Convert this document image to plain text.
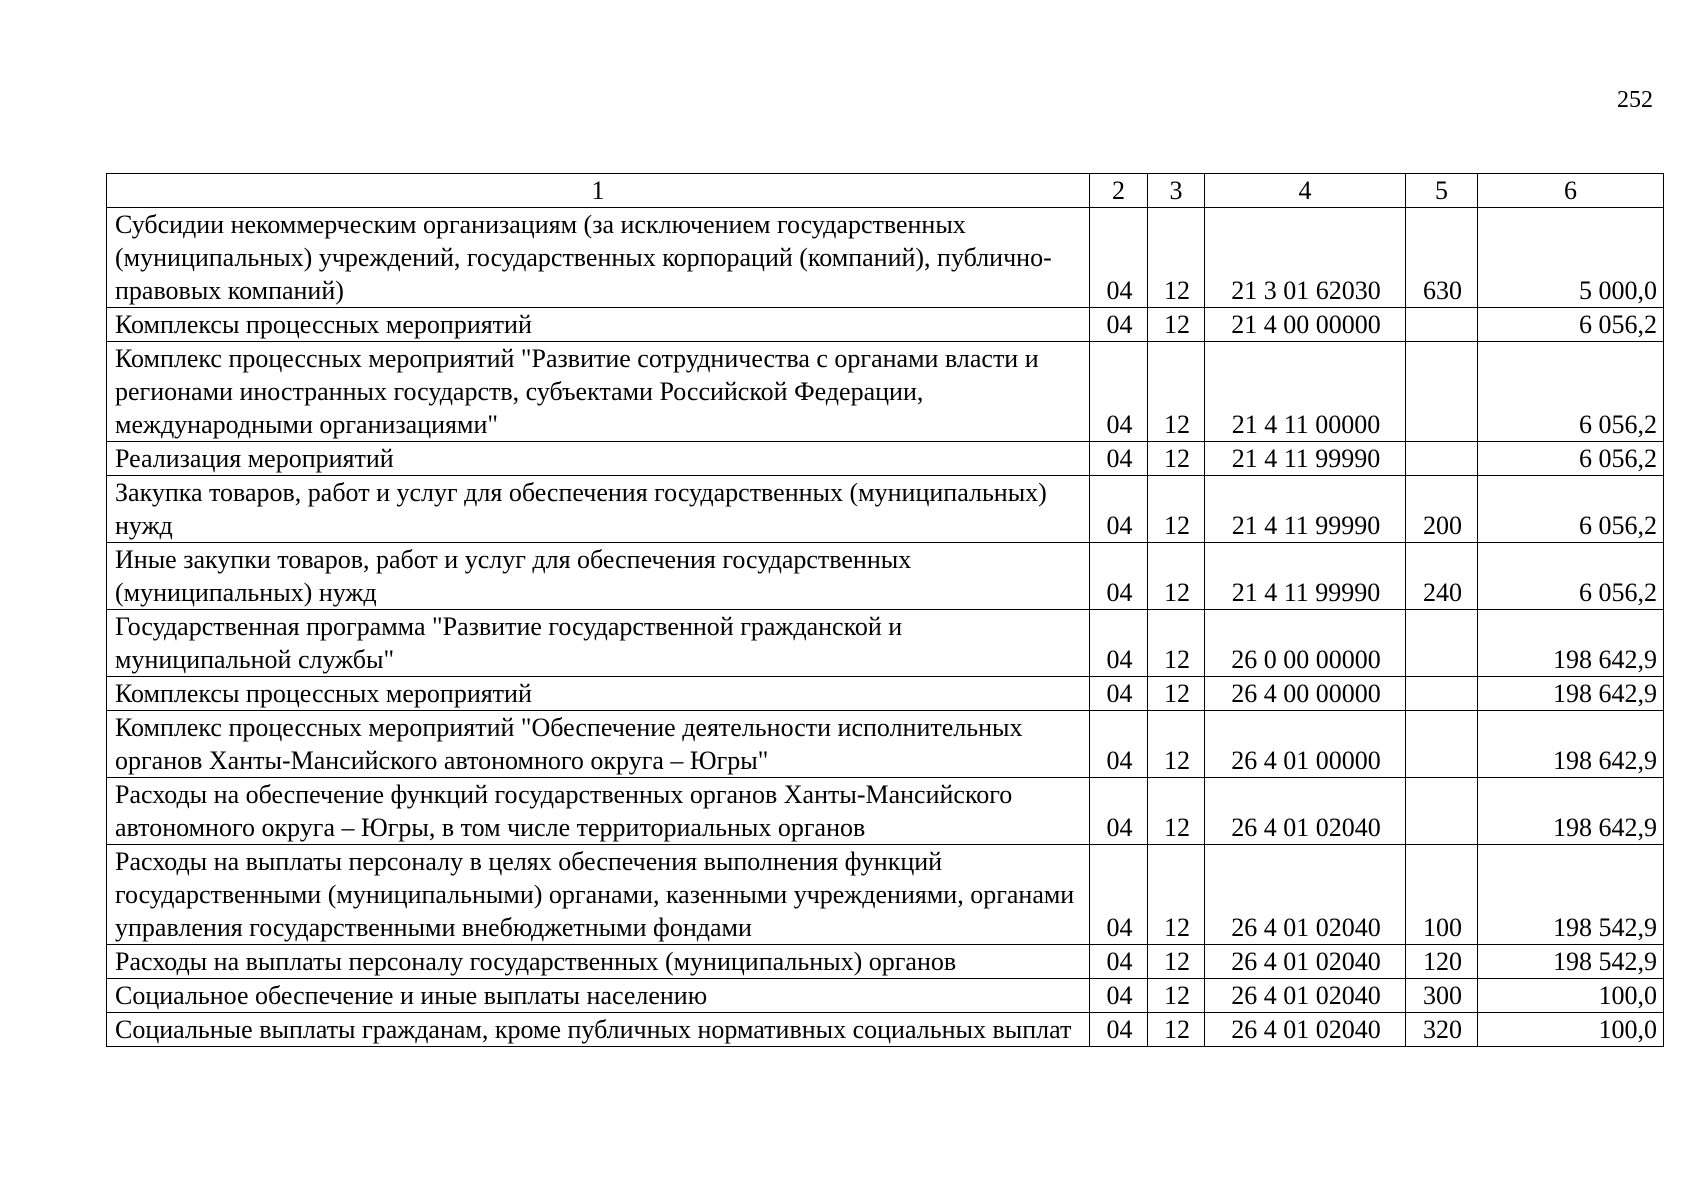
252
1	2	3	4	5	6
Субсидии некоммерческим организациям (за исключением государственных (муниципальных) учреждений, государственных корпораций (компаний), публично-правовых компаний)	04	12	21 3 01 62030	630	5 000,0
Комплексы процессных мероприятий	04	12	21 4 00 00000		6 056,2
Комплекс процессных мероприятий "Развитие сотрудничества с органами власти и регионами иностранных государств, субъектами Российской Федерации, международными организациями"	04	12	21 4 11 00000		6 056,2
Реализация мероприятий	04	12	21 4 11 99990		6 056,2
Закупка товаров, работ и услуг для обеспечения государственных (муниципальных) нужд	04	12	21 4 11 99990	200	6 056,2
Иные закупки товаров, работ и услуг для обеспечения государственных (муниципальных) нужд	04	12	21 4 11 99990	240	6 056,2
Государственная программа "Развитие государственной гражданской и муниципальной службы"	04	12	26 0 00 00000		198 642,9
Комплексы процессных мероприятий	04	12	26 4 00 00000		198 642,9
Комплекс процессных мероприятий "Обеспечение деятельности исполнительных органов Ханты-Мансийского автономного округа – Югры"	04	12	26 4 01 00000		198 642,9
Расходы на обеспечение функций государственных органов Ханты-Мансийского автономного округа – Югры, в том числе территориальных органов	04	12	26 4 01 02040		198 642,9
Расходы на выплаты персоналу в целях обеспечения выполнения функций государственными (муниципальными) органами, казенными учреждениями, органами управления государственными внебюджетными фондами	04	12	26 4 01 02040	100	198 542,9
Расходы на выплаты персоналу государственных (муниципальных) органов	04	12	26 4 01 02040	120	198 542,9
Социальное обеспечение и иные выплаты населению	04	12	26 4 01 02040	300	100,0
Социальные выплаты гражданам, кроме публичных нормативных социальных выплат	04	12	26 4 01 02040	320	100,0
